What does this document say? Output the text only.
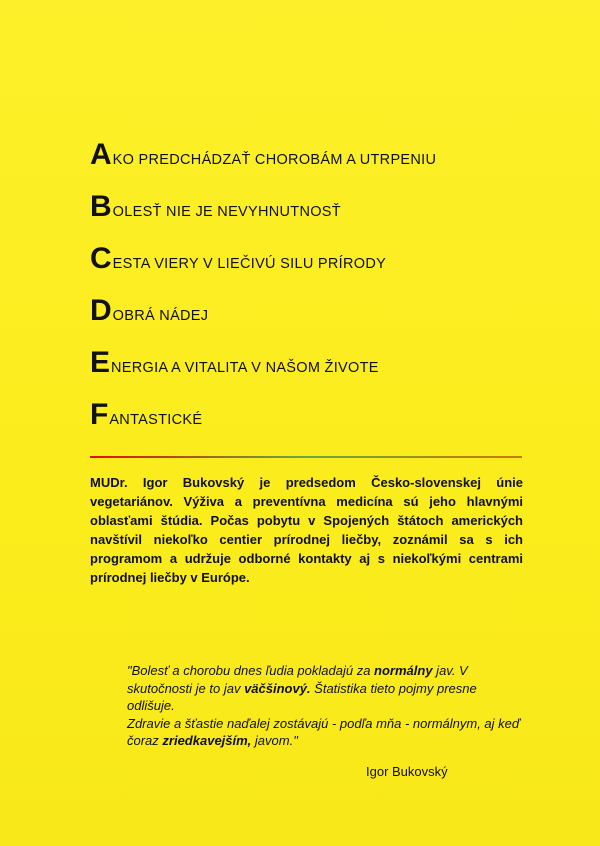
A KO PREDCHÁDZAŤ CHOROBÁM A UTRPENIU
B OLESŤ NIE JE NEVYHNUTNOSŤ
C ESTA VIERY V LIEČIVÚ SILU PRÍRODY
D OBRÁ NÁDEJ
E NERGIA A VITALITA V NAŠOM ŽIVOTE
F ANTASTICKÉ
MUDr. Igor Bukovský je predsedom Česko-slovenskej únie vegetariánov. Výživa a preventívna medicína sú jeho hlavnými oblasťami štúdia. Počas pobytu v Spojených štátoch amerických navštívil niekoľko centier prírodnej liečby, zoznámil sa s ich programom a udržuje odborné kontakty aj s niekoľkými centrami prírodnej liečby v Európe.
"Bolesť a chorobu dnes ľudia pokladajú za normálny jav. V skutočnosti je to jav väčšinový. Štatistika tieto pojmy presne odlišuje.
Zdravie a šťastie naďalej zostávajú - podľa mňa - normálnym, aj keď čoraz zriedkavejším, javom."
Igor Bukovský
